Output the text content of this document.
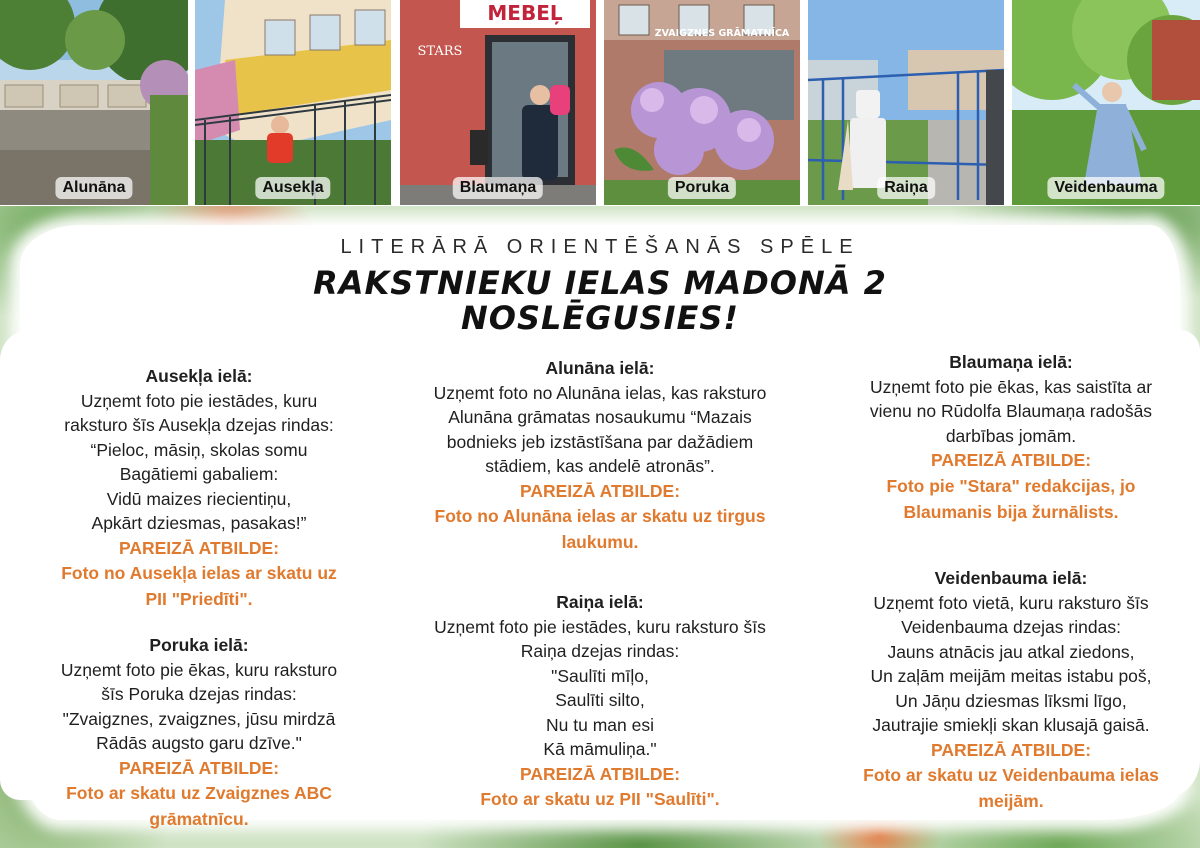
Alunāna	Ausekļa
STARS
MEBEĻ
Blaumaņa
ZVAIGZNES GRĀMATNĪCA
Poruka	Raiņa	Veidenbauma
LITERĀRĀ ORIENTĒŠANĀS SPĒLE
RAKSTNIEKU IELAS MADONĀ 2
NOSLĒGUSIES!
Ausekļa ielā:
Uzņemt foto pie iestādes, kuru
raksturo šīs Ausekļa dzejas rindas:
“Pieloc, māsiņ, skolas somu
Bagātiemi gabaliem:
Vidū maizes riecientiņu,
Apkārt dziesmas, pasakas!”
PAREIZĀ ATBILDE:
Foto no Ausekļa ielas ar skatu uz
PII "Priedīti".
Poruka ielā:
Uzņemt foto pie ēkas, kuru raksturo
šīs Poruka dzejas rindas:
"Zvaigznes, zvaigznes, jūsu mirdzā
Rādās augsto garu dzīve."
PAREIZĀ ATBILDE:
Foto ar skatu uz Zvaigznes ABC
grāmatnīcu.
Alunāna ielā:
Uzņemt foto no Alunāna ielas, kas raksturo
Alunāna grāmatas nosaukumu “Mazais
bodnieks jeb izstāstīšana par dažādiem
stādiem, kas andelē atronās”.
PAREIZĀ ATBILDE:
Foto no Alunāna ielas ar skatu uz tirgus
laukumu.
Raiņa ielā:
Uzņemt foto pie iestādes, kuru raksturo šīs
Raiņa dzejas rindas:
"Saulīti mīļo,
Saulīti silto,
Nu tu man esi
Kā māmuliņa."
PAREIZĀ ATBILDE:
Foto ar skatu uz PII "Saulīti".
Blaumaņa ielā:
Uzņemt foto pie ēkas, kas saistīta ar
vienu no Rūdolfa Blaumaņa radošās
darbības jomām.
PAREIZĀ ATBILDE:
Foto pie "Stara" redakcijas, jo
Blaumanis bija žurnālists.
Veidenbauma ielā:
Uzņemt foto vietā, kuru raksturo šīs
Veidenbauma dzejas rindas:
Jauns atnācis jau atkal ziedons,
Un zaļām meijām meitas istabu poš,
Un Jāņu dziesmas līksmi līgo,
Jautrajie smiekļi skan klusajā gaisā.
PAREIZĀ ATBILDE:
Foto ar skatu uz Veidenbauma ielas
meijām.
